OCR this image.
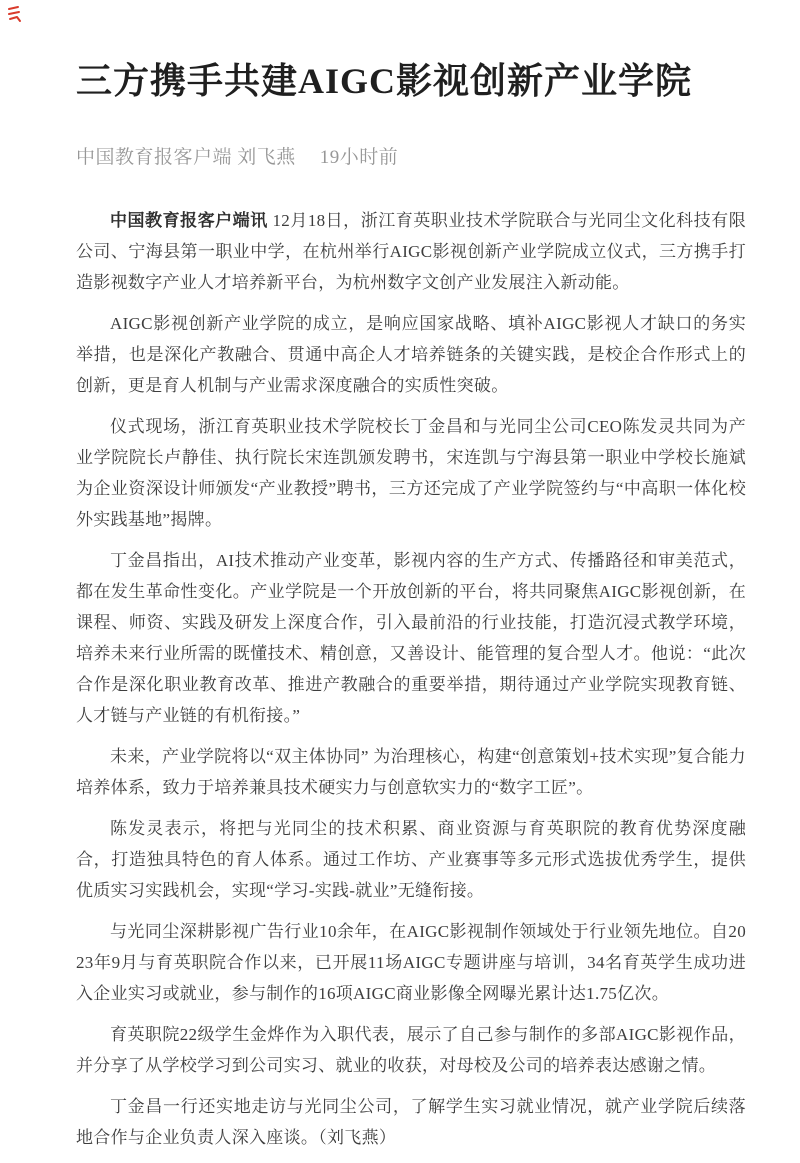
三方携手共建AIGC影视创新产业学院
中国教育报客户端 刘飞燕 19小时前

中国教育报客户端讯 12月18日，浙江育英职业技术学院联合与光同尘文化科技有限公司、宁海县第一职业中学，在杭州举行AIGC影视创新产业学院成立仪式，三方携手打造影视数字产业人才培养新平台，为杭州数字文创产业发展注入新动能。

AIGC影视创新产业学院的成立，是响应国家战略、填补AIGC影视人才缺口的务实举措，也是深化产教融合、贯通中高企人才培养链条的关键实践，是校企合作形式上的创新，更是育人机制与产业需求深度融合的实质性突破。

仪式现场，浙江育英职业技术学院校长丁金昌和与光同尘公司CEO陈发灵共同为产业学院院长卢静佳、执行院长宋连凯颁发聘书，宋连凯与宁海县第一职业中学校长施斌为企业资深设计师颁发“产业教授”聘书，三方还完成了产业学院签约与“中高职一体化校外实践基地”揭牌。

丁金昌指出，AI技术推动产业变革，影视内容的生产方式、传播路径和审美范式，都在发生革命性变化。产业学院是一个开放创新的平台，将共同聚焦AIGC影视创新，在课程、师资、实践及研发上深度合作，引入最前沿的行业技能，打造沉浸式教学环境，培养未来行业所需的既懂技术、精创意，又善设计、能管理的复合型人才。他说：“此次合作是深化职业教育改革、推进产教融合的重要举措，期待通过产业学院实现教育链、人才链与产业链的有机衔接。”

未来，产业学院将以“双主体协同” 为治理核心，构建“创意策划+技术实现”复合能力培养体系，致力于培养兼具技术硬实力与创意软实力的“数字工匠”。

陈发灵表示，将把与光同尘的技术积累、商业资源与育英职院的教育优势深度融合，打造独具特色的育人体系。通过工作坊、产业赛事等多元形式选拔优秀学生，提供优质实习实践机会，实现“学习-实践-就业”无缝衔接。

与光同尘深耕影视广告行业10余年，在AIGC影视制作领域处于行业领先地位。自2023年9月与育英职院合作以来，已开展11场AIGC专题讲座与培训，34名育英学生成功进入企业实习或就业，参与制作的16项AIGC商业影像全网曝光累计达1.75亿次。

育英职院22级学生金烨作为入职代表，展示了自己参与制作的多部AIGC影视作品，并分享了从学校学习到公司实习、就业的收获，对母校及公司的培养表达感谢之情。

丁金昌一行还实地走访与光同尘公司，了解学生实习就业情况，就产业学院后续落地合作与企业负责人深入座谈。（刘飞燕）
